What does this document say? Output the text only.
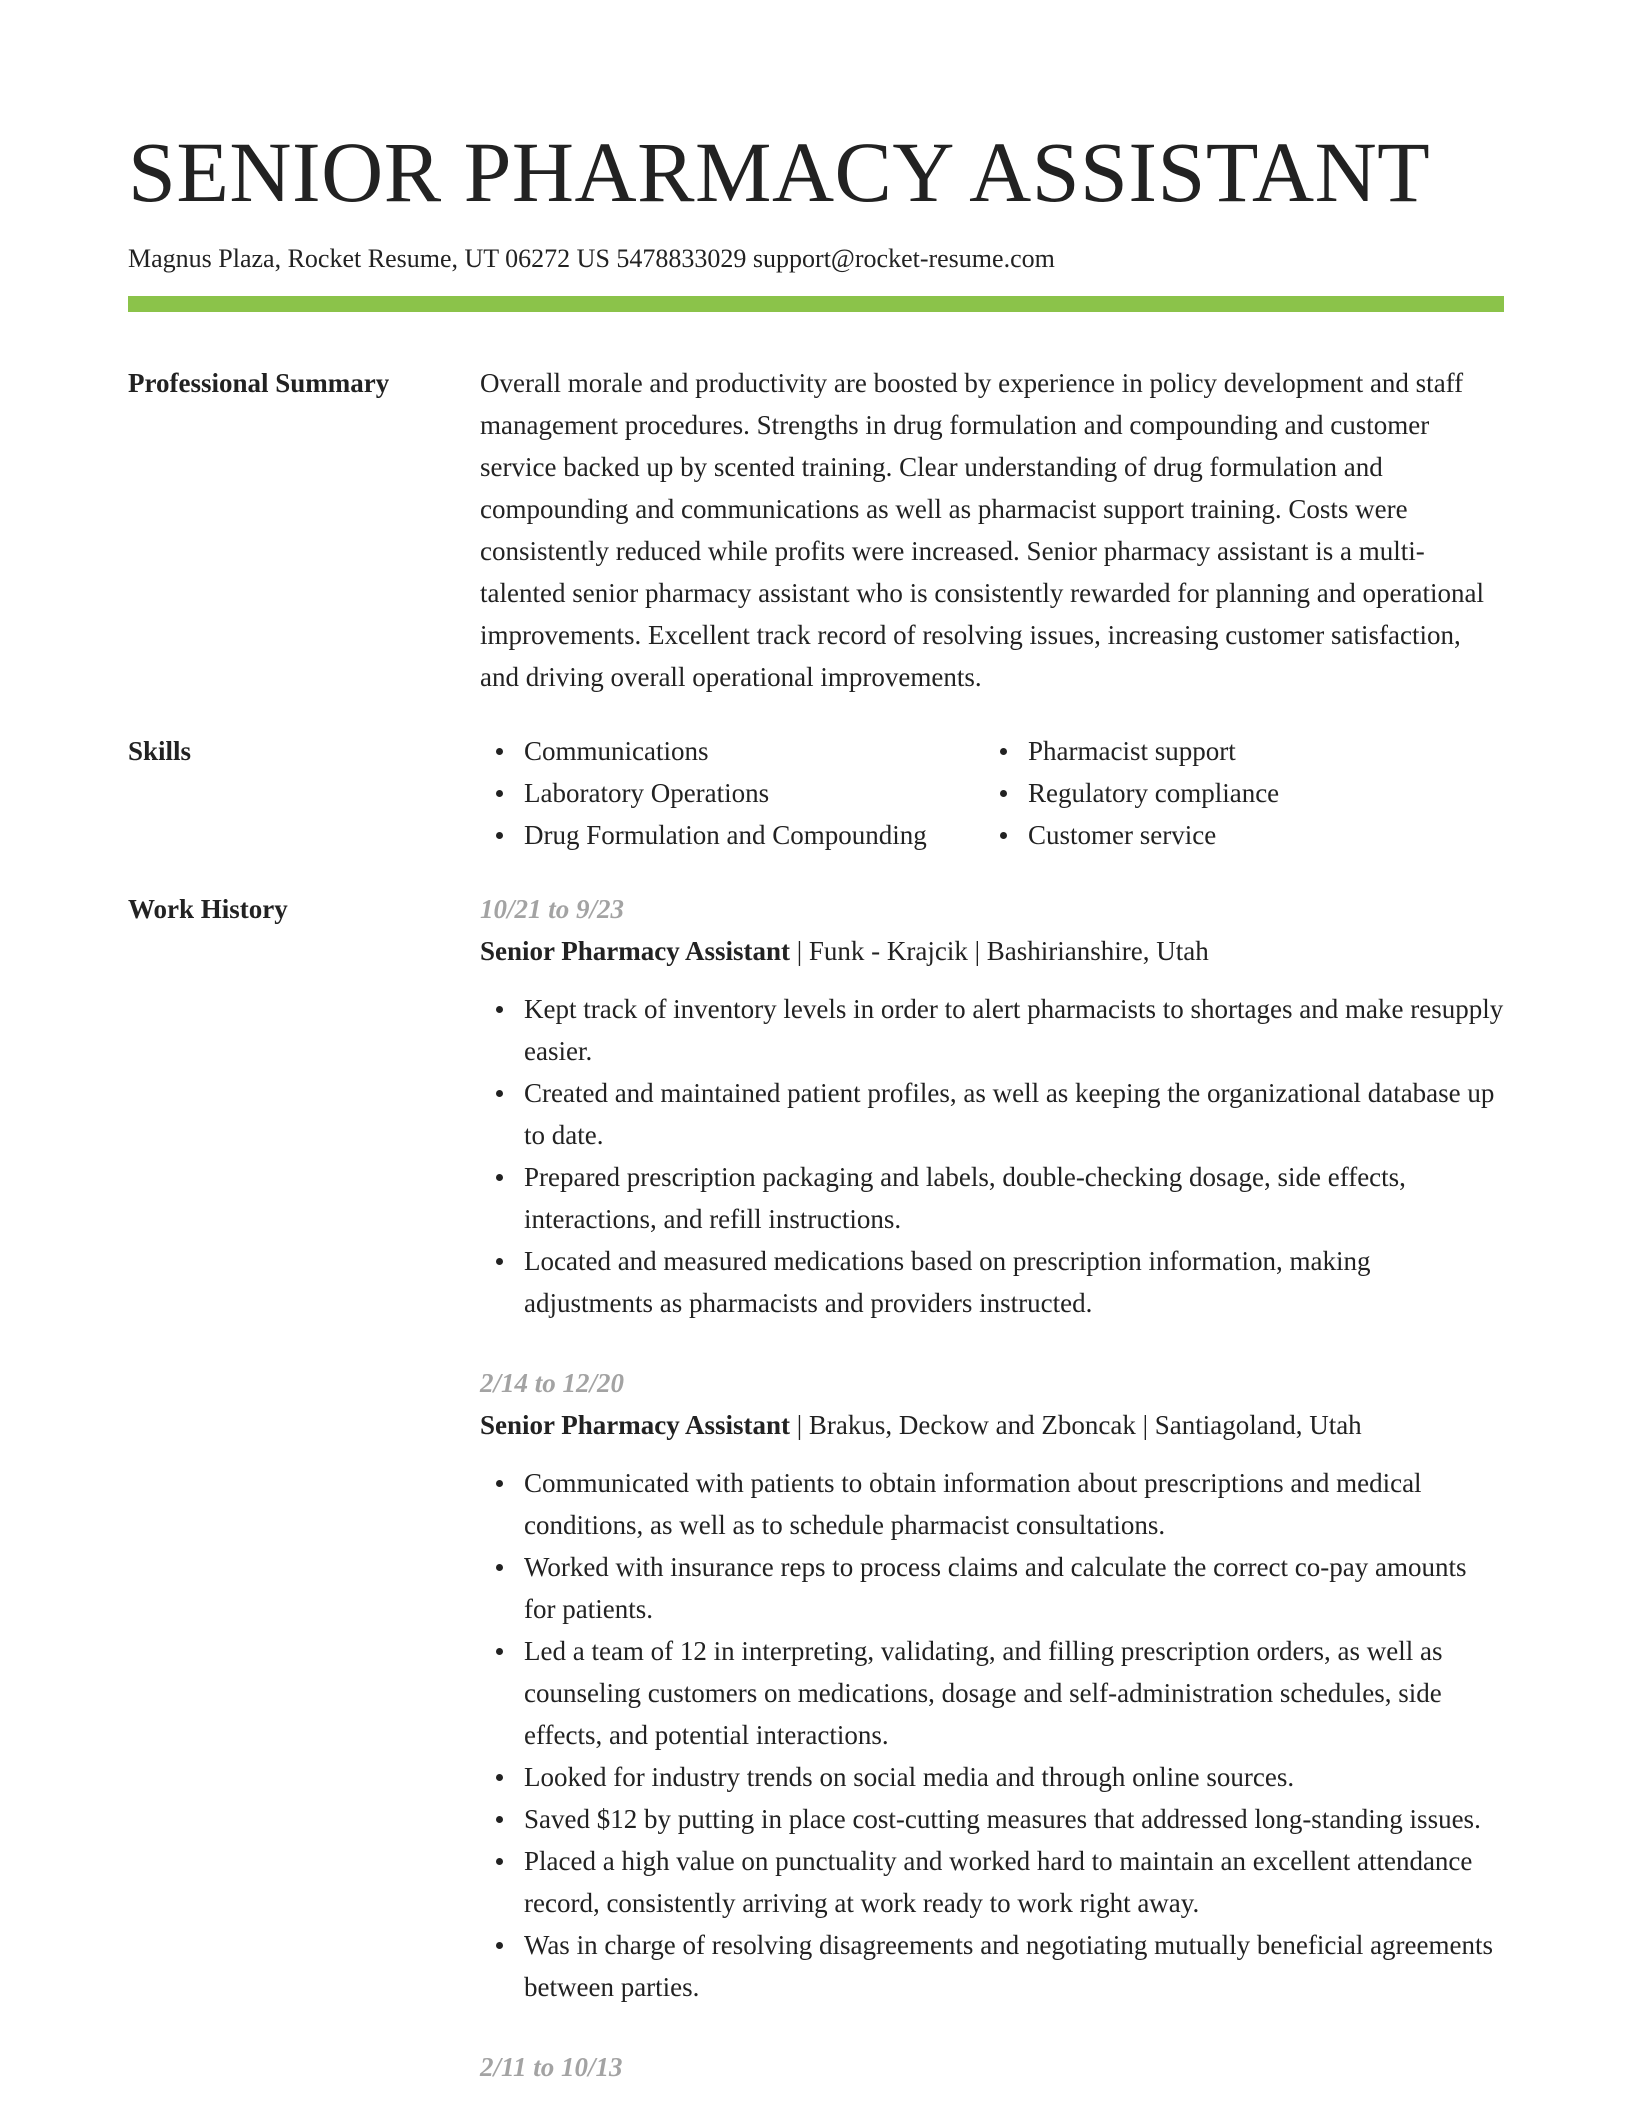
SENIOR PHARMACY ASSISTANT
Magnus Plaza, Rocket Resume, UT 06272 US 5478833029 support@rocket-resume.com
Professional Summary	Overall morale and productivity are boosted by experience in policy development and staff management procedures. Strengths in drug formulation and compounding and customer service backed up by scented training. Clear understanding of drug formulation and compounding and communications as well as pharmacist support training. Costs were consistently reduced while profits were increased. Senior pharmacy assistant is a multi-talented senior pharmacy assistant who is consistently rewarded for planning and operational improvements. Excellent track record of resolving issues, increasing customer satisfaction, and driving overall operational improvements.

Skills	Communications	Pharmacist support
Laboratory Operations	Regulatory compliance
Drug Formulation and Compounding	Customer service
Work History	10/21 to 9/23
Senior Pharmacy Assistant | Funk - Krajcik | Bashirianshire, Utah
Kept track of inventory levels in order to alert pharmacists to shortages and make resupply easier.
Created and maintained patient profiles, as well as keeping the organizational database up to date.
Prepared prescription packaging and labels, double-checking dosage, side effects, interactions, and refill instructions.
Located and measured medications based on prescription information, making adjustments as pharmacists and providers instructed.
2/14 to 12/20
Senior Pharmacy Assistant | Brakus, Deckow and Zboncak | Santiagoland, Utah
Communicated with patients to obtain information about prescriptions and medical conditions, as well as to schedule pharmacist consultations.
Worked with insurance reps to process claims and calculate the correct co-pay amounts for patients.
Led a team of 12 in interpreting, validating, and filling prescription orders, as well as counseling customers on medications, dosage and self-administration schedules, side effects, and potential interactions.
Looked for industry trends on social media and through online sources.
Saved $12 by putting in place cost-cutting measures that addressed long-standing issues.
Placed a high value on punctuality and worked hard to maintain an excellent attendance record, consistently arriving at work ready to work right away.
Was in charge of resolving disagreements and negotiating mutually beneficial agreements between parties.
2/11 to 10/13
